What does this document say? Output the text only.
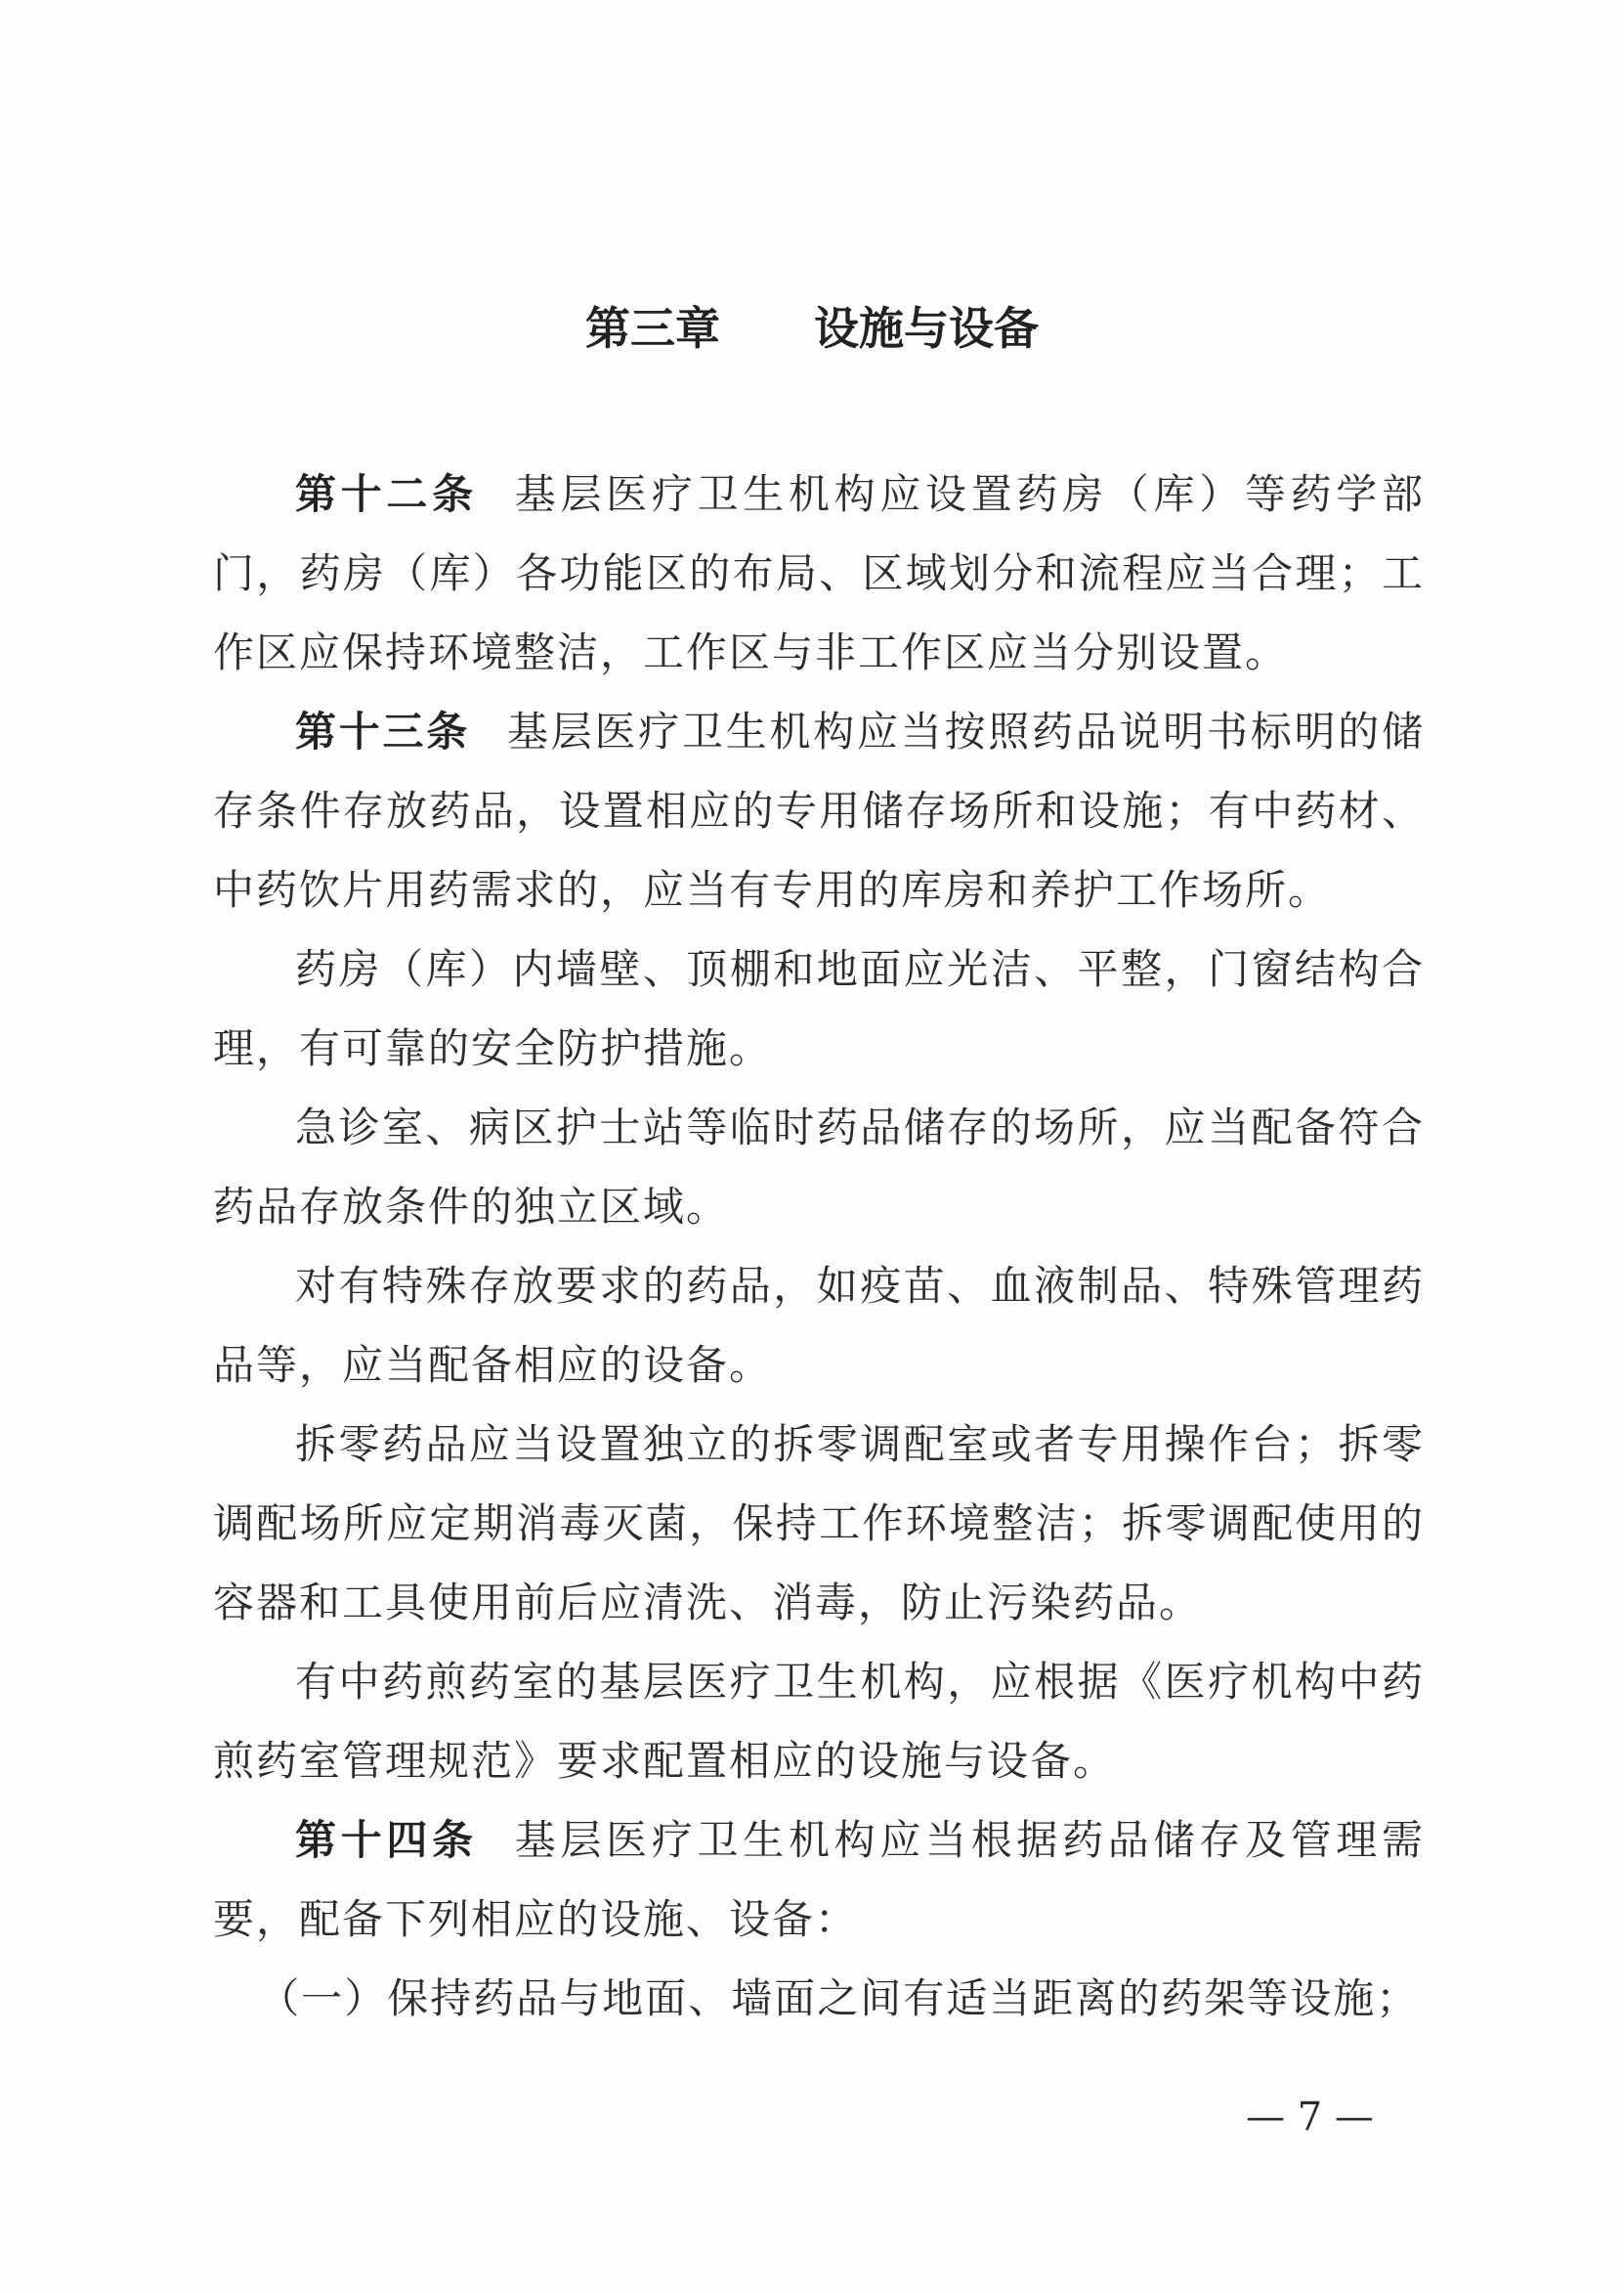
第三章 设施与设备

第十二条 基层医疗卫生机构应设置药房（库）等药学部门，药房（库）各功能区的布局、区域划分和流程应当合理；工作区应保持环境整洁，工作区与非工作区应当分别设置。

第十三条 基层医疗卫生机构应当按照药品说明书标明的储存条件存放药品，设置相应的专用储存场所和设施；有中药材、中药饮片用药需求的，应当有专用的库房和养护工作场所。

药房（库）内墙壁、顶棚和地面应光洁、平整，门窗结构合理，有可靠的安全防护措施。

急诊室、病区护士站等临时药品储存的场所，应当配备符合药品存放条件的独立区域。

对有特殊存放要求的药品，如疫苗、血液制品、特殊管理药品等，应当配备相应的设备。

拆零药品应当设置独立的拆零调配室或者专用操作台；拆零调配场所应定期消毒灭菌，保持工作环境整洁；拆零调配使用的容器和工具使用前后应清洗、消毒，防止污染药品。

有中药煎药室的基层医疗卫生机构，应根据《医疗机构中药煎药室管理规范》要求配置相应的设施与设备。

第十四条 基层医疗卫生机构应当根据药品储存及管理需要，配备下列相应的设施、设备：

（一）保持药品与地面、墙面之间有适当距离的药架等设施；

— 7 —
